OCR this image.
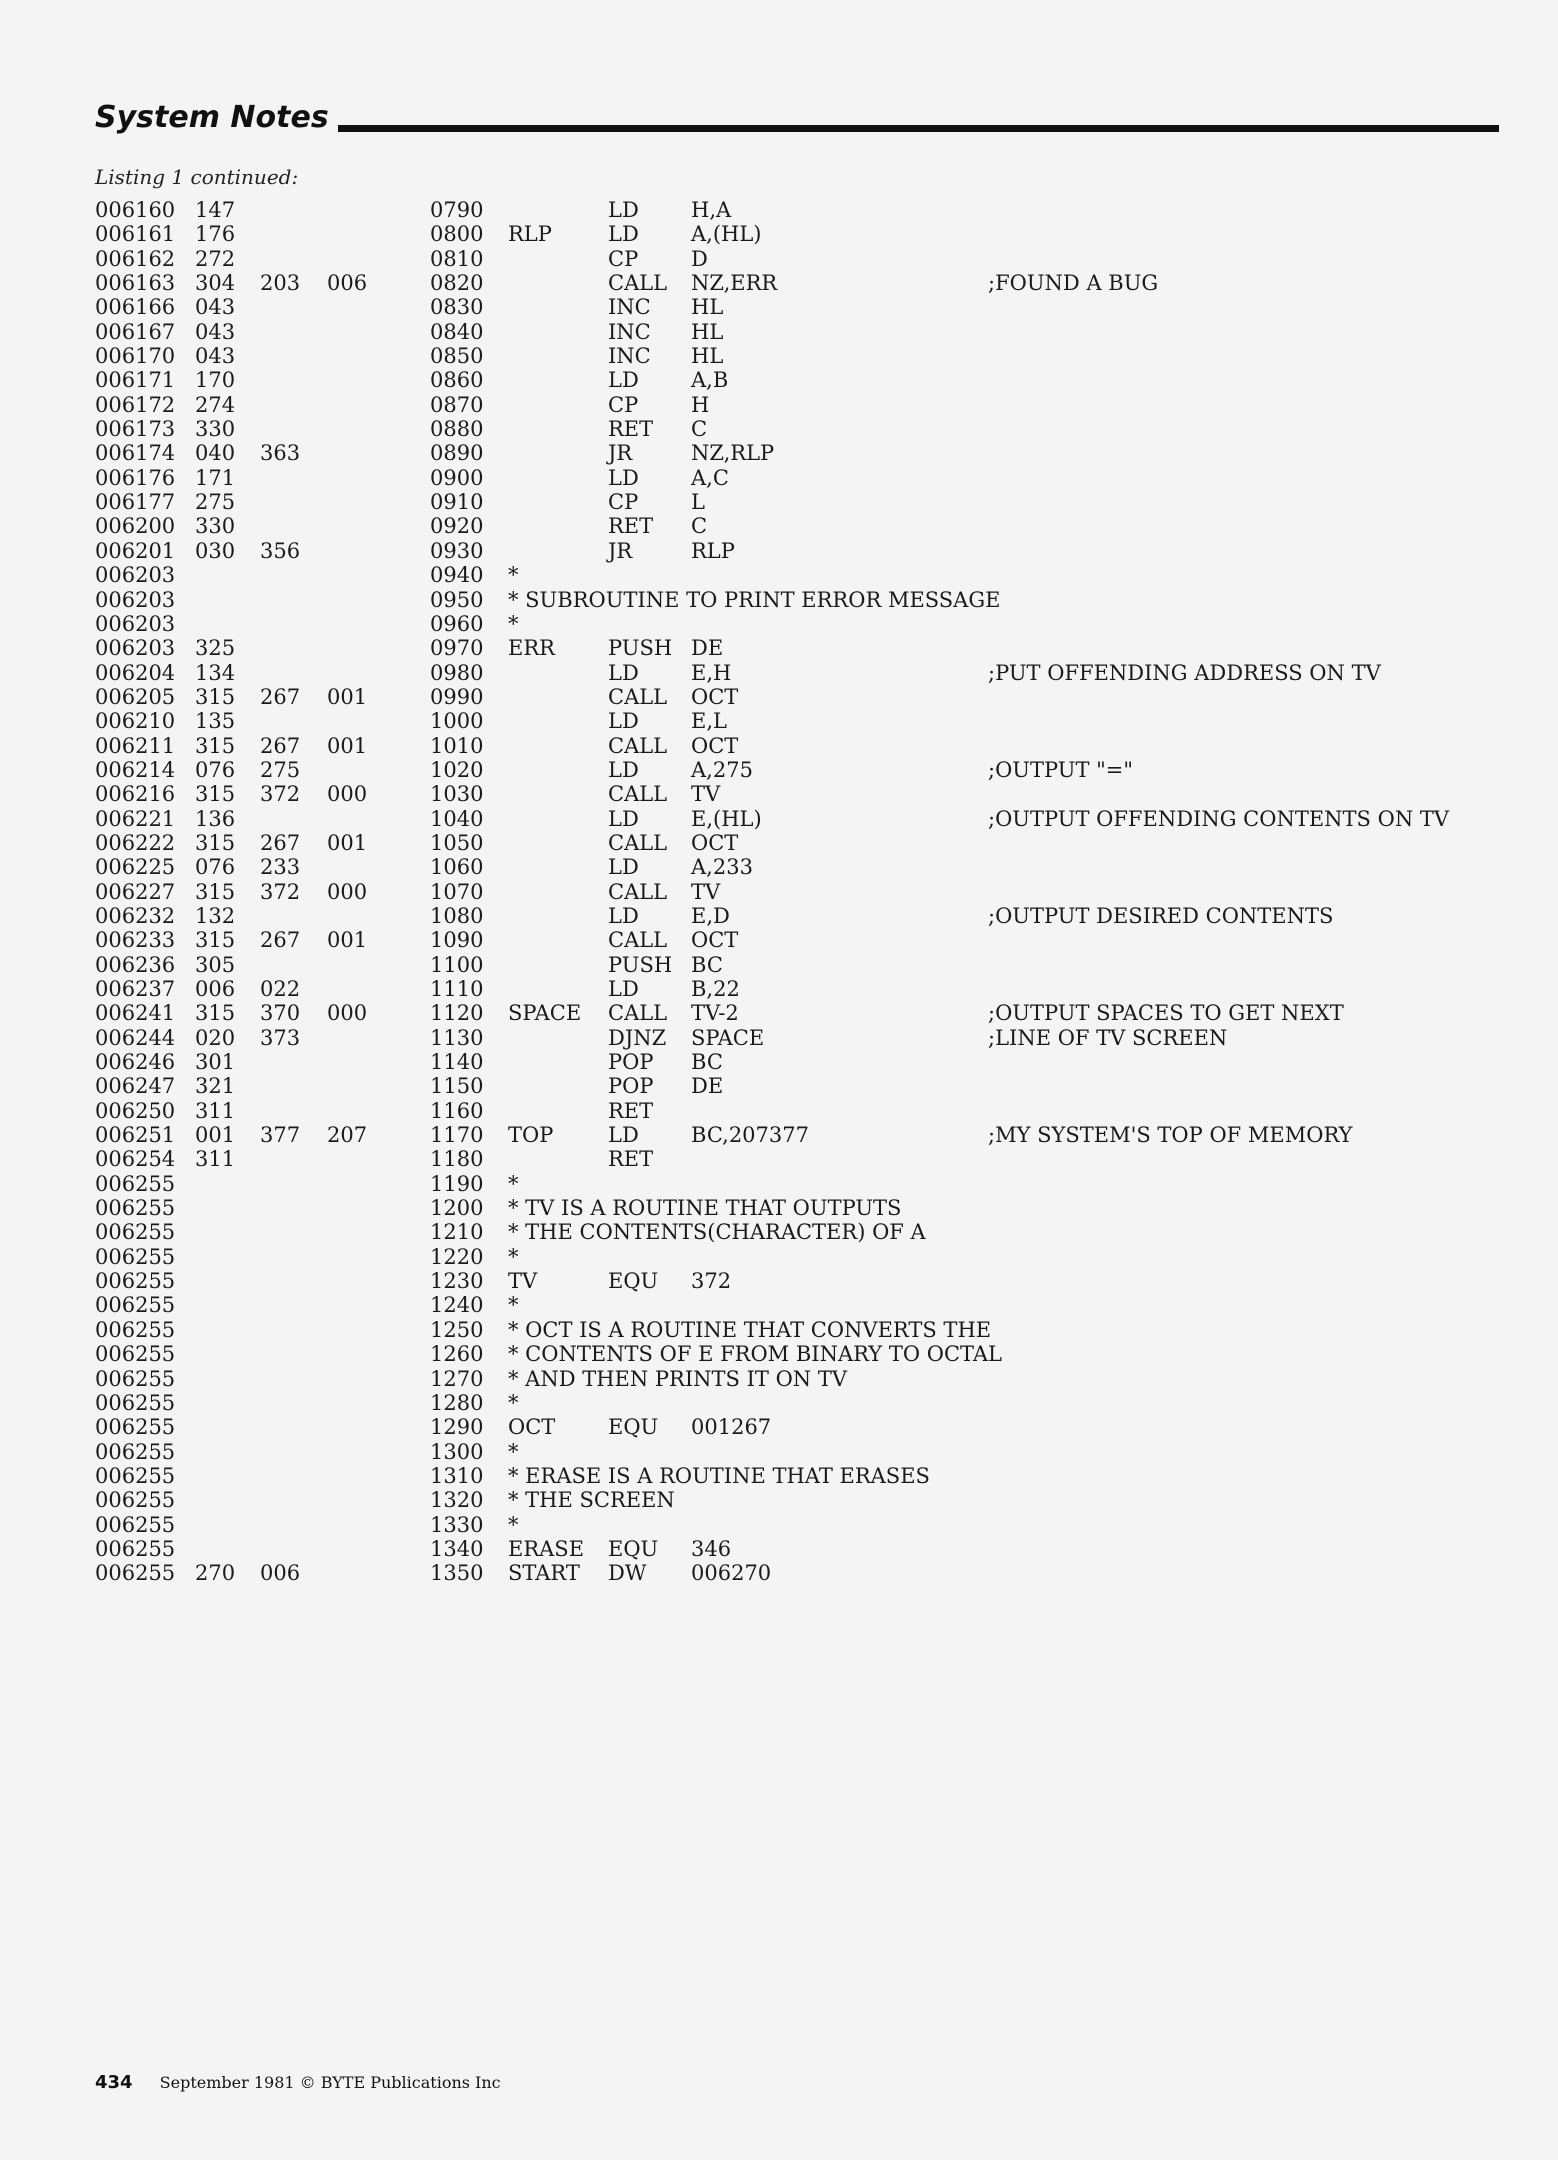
System Notes
Listing 1 continued:
006160 147	0790	LD H,A
006161 176	0800 RLP	LD A,(HL)
006162 272	0810	CP	D
006163 304 203 006	0820	CALL NZ,ERR	;FOUND A BUG
006166 043	0830	INC HL
006167 043	0840	INC HL
006170 043	0850	INC HL
006171 170	0860	LD A,B
006172 274	0870	CP	H
006173 330	0880	RET C
006174 040 363	0890	JR	NZ,RLP
006176 171	0900	LD A,C
006177 275	0910	CP	L
006200 330	0920	RET C
006201 030 356	0930	JR	RLP
006203	0940 *
006203	0950 * SUBROUTINE TO PRINT ERROR MESSAGE
006203	0960 *
006203 325	0970 ERR	PUSH DE
006204 134	0980	LD E,H	;PUT OFFENDING ADDRESS ON TV
006205 315 267 001	0990	CALL OCT
006210 135	1000	LD E,L
006211 315 267 001	1010	CALL OCT
006214 076 275	1020	LD A,275	;OUTPUT "="
006216 315 372 000	1030	CALL TV
006221 136	1040	LD E,(HL)	;OUTPUT OFFENDING CONTENTS ON TV
006222 315 267 001	1050	CALL OCT
006225 076 233	1060	LD A,233
006227 315 372 000	1070	CALL TV
006232 132	1080	LD E,D	;OUTPUT DESIRED CONTENTS
006233 315 267 001	1090	CALL OCT
006236 305	1100	PUSH BC
006237 006 022	1110	LD B,22
006241 315 370 000	1120 SPACE CALL TV-2	;OUTPUT SPACES TO GET NEXT
006244 020 373	1130	DJNZ SPACE	;LINE OF TV SCREEN
006246 301	1140	POP BC
006247 321	1150	POP DE
006250 311	1160	RET
006251 001 377 207	1170 TOP	LD BC,207377	;MY SYSTEM'S TOP OF MEMORY
006254 311	1180	RET
006255	1190 *
006255	1200 * TV IS A ROUTINE THAT OUTPUTS
006255	1210 * THE CONTENTS(CHARACTER) OF A
006255	1220 *
006255	1230 TV	EQU 372
006255	1240 *
006255	1250 * OCT IS A ROUTINE THAT CONVERTS THE
006255	1260 * CONTENTS OF E FROM BINARY TO OCTAL
006255	1270 * AND THEN PRINTS IT ON TV
006255	1280 *
006255	1290 OCT	EQU 001267
006255	1300 *
006255	1310 * ERASE IS A ROUTINE THAT ERASES
006255	1320 * THE SCREEN
006255	1330 *
006255	1340 ERASE EQU 346
006255 270 006	1350 START DW 006270
434 September 1981 © BYTE Publications Inc
